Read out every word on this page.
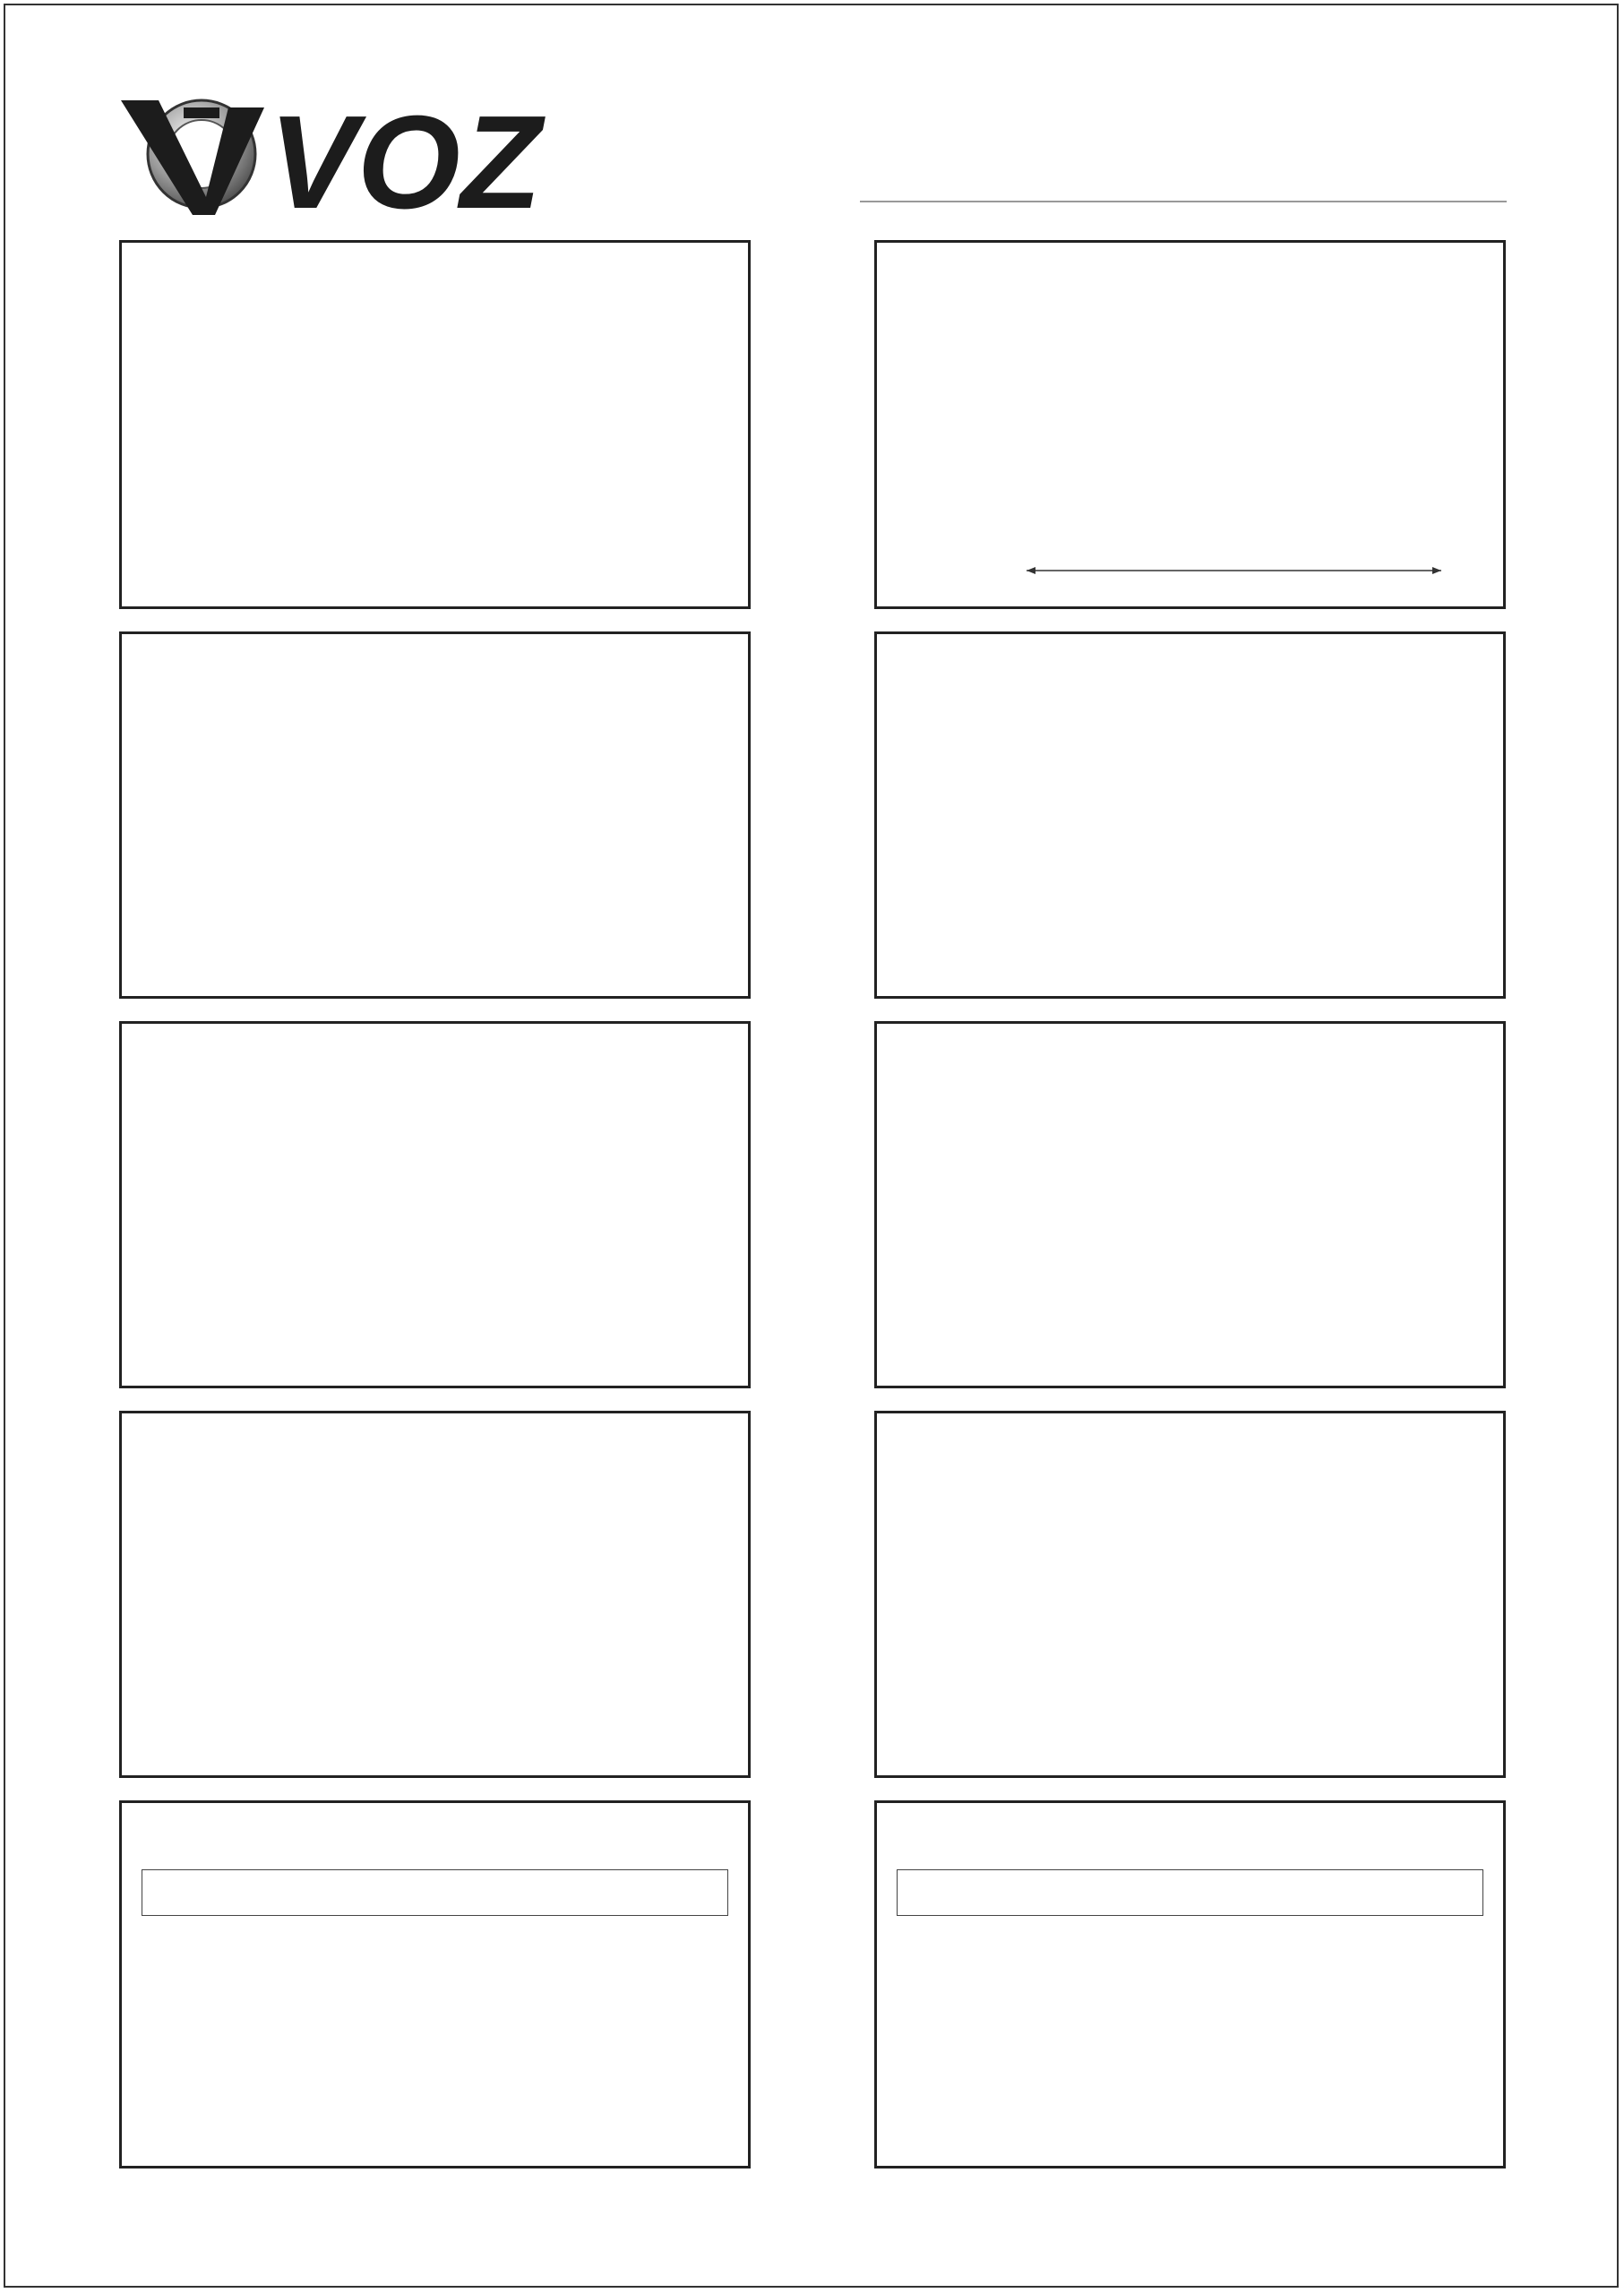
VOZ
